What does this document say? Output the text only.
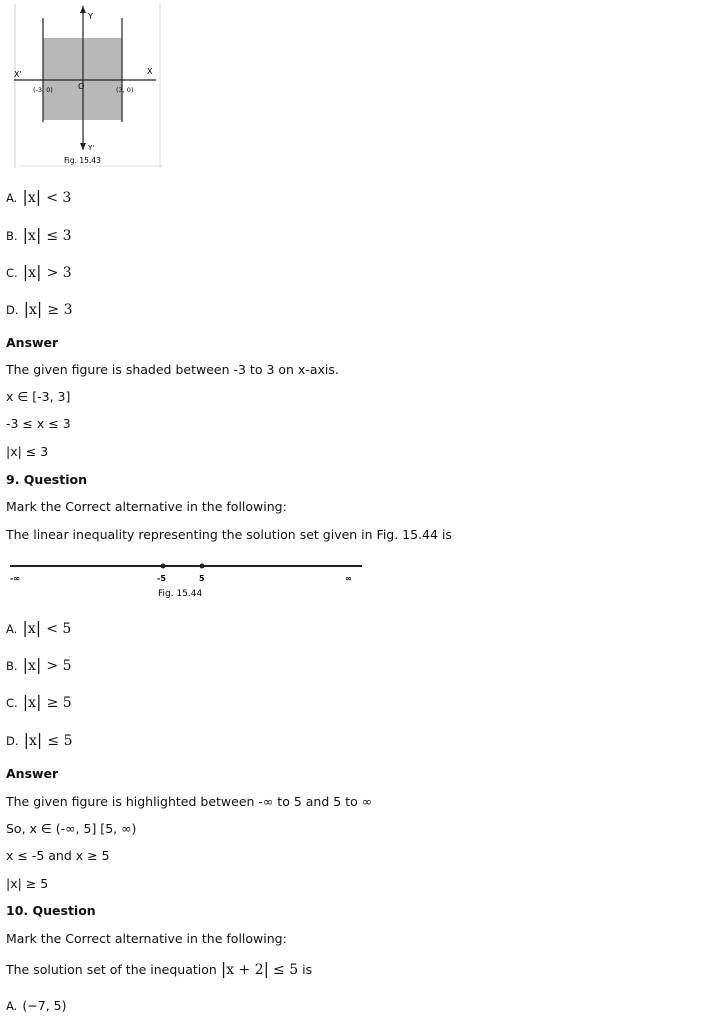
Y
X'	X
O
(-3, 0)	(3, 0)
Y'
Fig. 15.43
A. |x| < 3
B. |x| ≤ 3
C. |x| > 3
D. |x| ≥ 3
Answer
The given figure is shaded between -3 to 3 on x-axis.
x ∈ [-3, 3]
-3 ≤ x ≤ 3
|x| ≤ 3
9. Question
Mark the Correct alternative in the following:
The linear inequality representing the solution set given in Fig. 15.44 is
-∞	-5	5	∞
Fig. 15.44
A. |x| < 5
B. |x| > 5
C. |x| ≥ 5
D. |x| ≤ 5
Answer
The given figure is highlighted between -∞ to 5 and 5 to ∞
So, x ∈ (-∞, 5] [5, ∞)
x ≤ -5 and x ≥ 5
|x| ≥ 5
10. Question
Mark the Correct alternative in the following:
The solution set of the inequation |x + 2| ≤ 5 is
A. (−7, 5)
